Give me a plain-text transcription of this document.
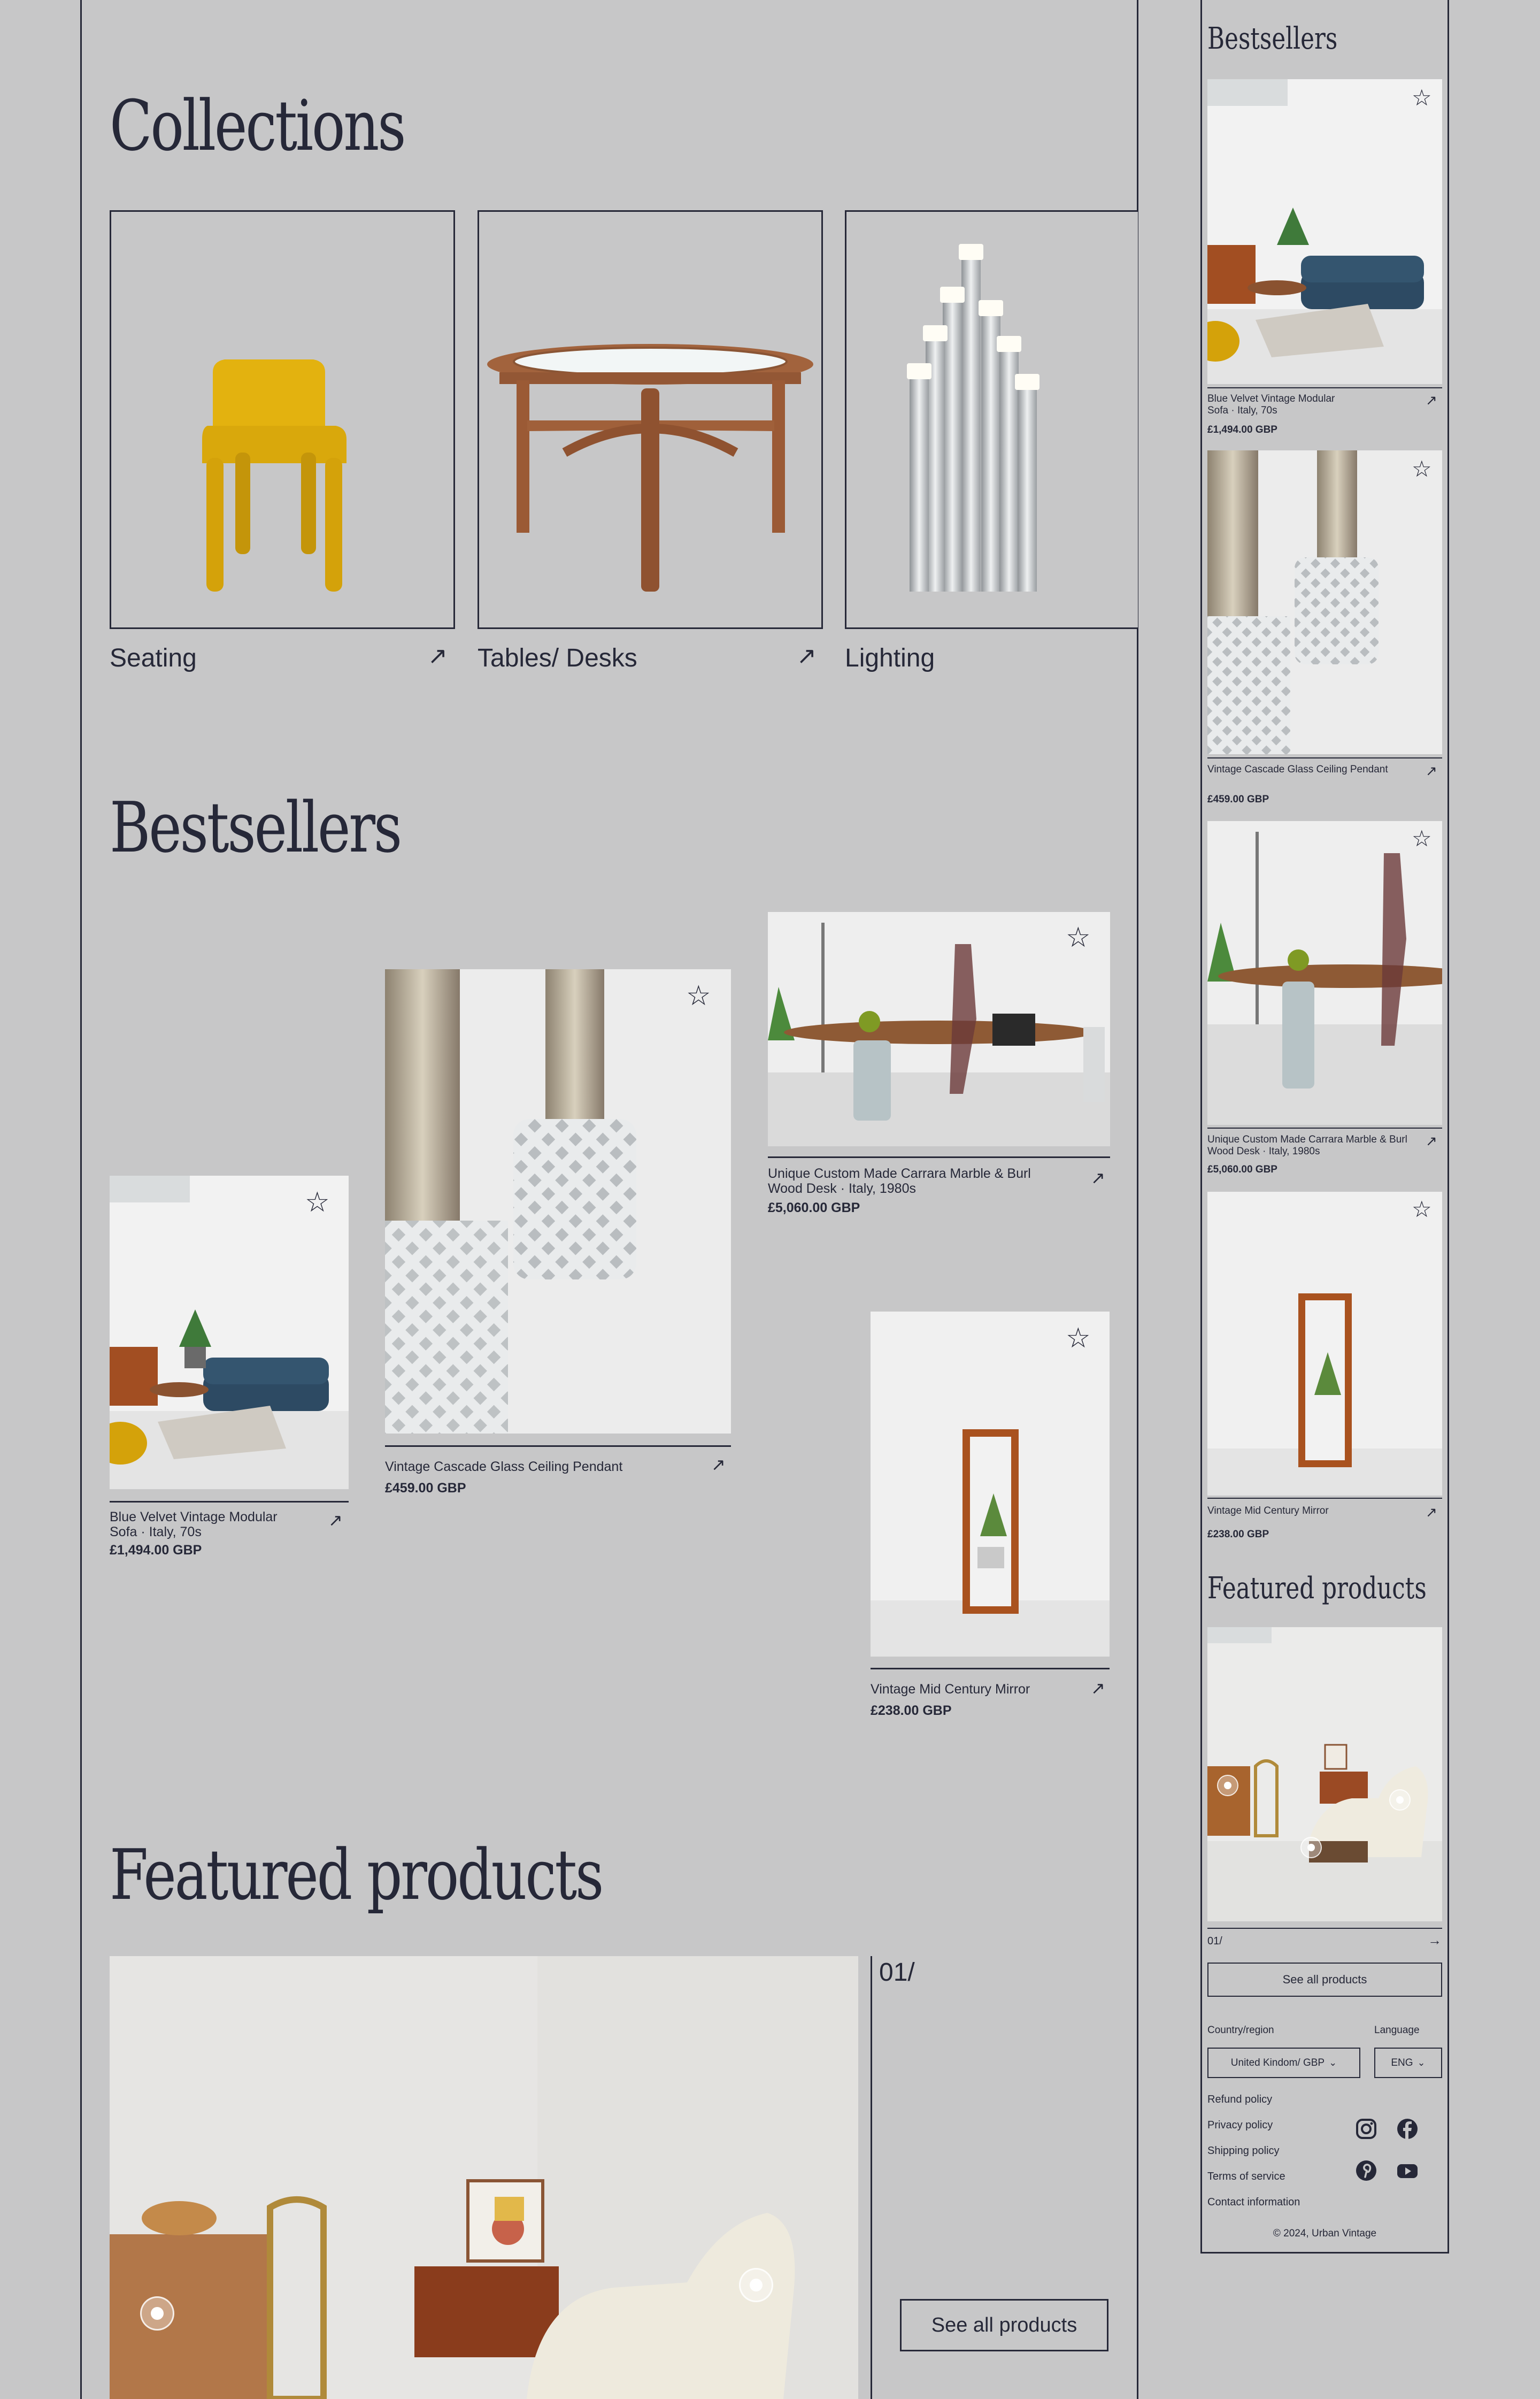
Collections
Seating	↗ Tables/ Desks	↗ Lighting
Bestsellers
☆
Blue Velvet Vintage Modular Sofa · Italy, 70s
↗
£1,494.00 GBP
☆
Vintage Cascade Glass Ceiling Pendant	↗
£459.00 GBP
☆
Unique Custom Made Carrara Marble & Burl Wood Desk · Italy, 1980s
↗
£5,060.00 GBP
☆
Vintage Mid Century Mirror	↗
£238.00 GBP
Featured products
01/
See all products
Bestsellers
☆
Blue Velvet Vintage Modular Sofa · Italy, 70s
↗
£1,494.00 GBP
☆
Vintage Cascade Glass Ceiling Pendant	↗
£459.00 GBP
☆
Unique Custom Made Carrara Marble & Burl Wood Desk · Italy, 1980s
↗
£5,060.00 GBP
☆
Vintage Mid Century Mirror	↗
£238.00 GBP
Featured products
01/	→
See all products
Country/region	Language
United Kindom/ GBP ⌄	ENG ⌄
Refund policy
Privacy policy
Shipping policy
Terms of service
Contact information
© 2024, Urban Vintage
